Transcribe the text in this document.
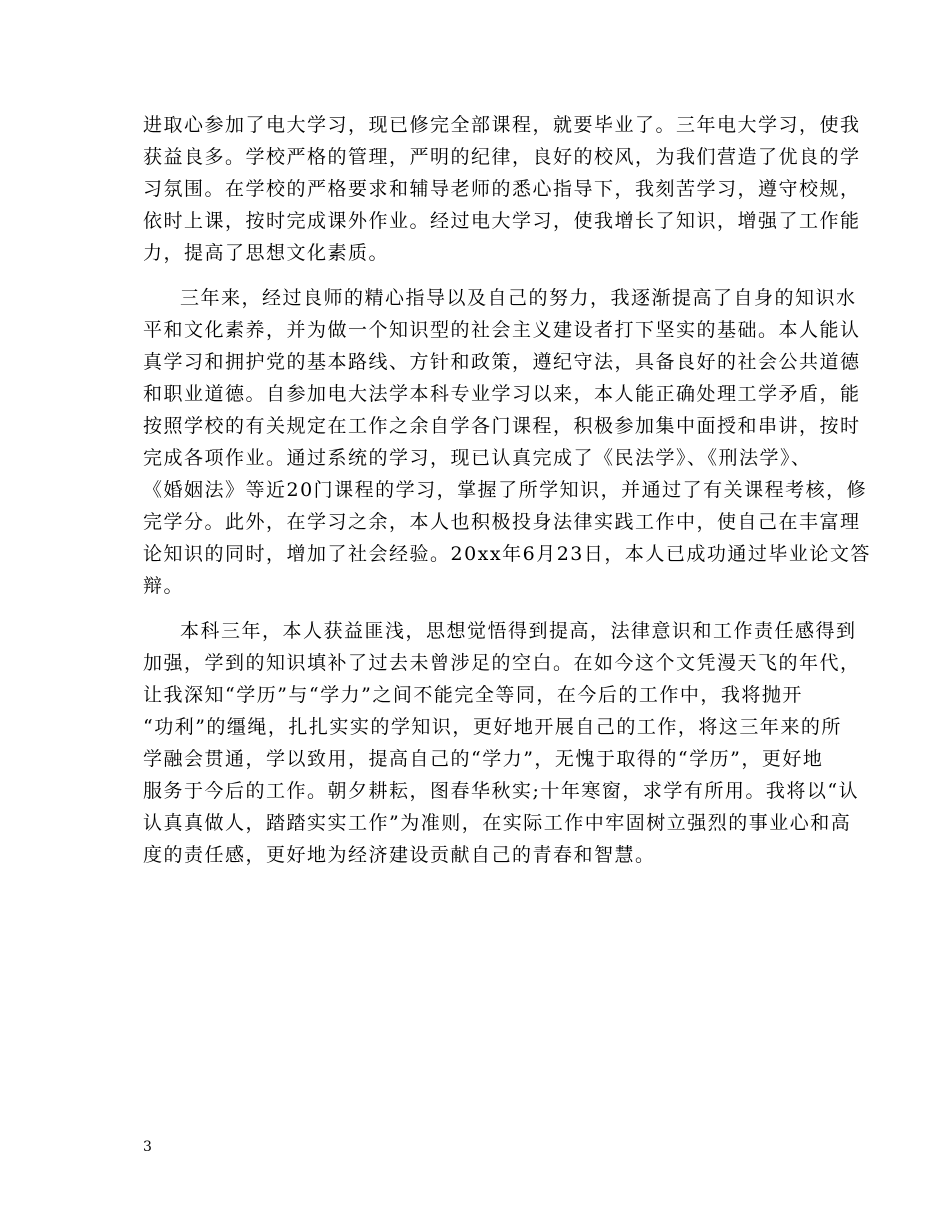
进取心参加了电大学习，现已修完全部课程，就要毕业了。三年电大学习，使我
获益良多。学校严格的管理，严明的纪律，良好的校风，为我们营造了优良的学
习氛围。在学校的严格要求和辅导老师的悉心指导下，我刻苦学习，遵守校规，
依时上课，按时完成课外作业。经过电大学习，使我增长了知识，增强了工作能
力，提高了思想文化素质。
三年来，经过良师的精心指导以及自己的努力，我逐渐提高了自身的知识水
平和文化素养，并为做一个知识型的社会主义建设者打下坚实的基础。本人能认
真学习和拥护党的基本路线、方针和政策，遵纪守法，具备良好的社会公共道德
和职业道德。自参加电大法学本科专业学习以来，本人能正确处理工学矛盾，能
按照学校的有关规定在工作之余自学各门课程，积极参加集中面授和串讲，按时
完成各项作业。通过系统的学习，现已认真完成了《民法学》、《刑法学》、
《婚姻法》等近20门课程的学习，掌握了所学知识，并通过了有关课程考核，修
完学分。此外，在学习之余，本人也积极投身法律实践工作中，使自己在丰富理
论知识的同时，增加了社会经验。20xx年6月23日，本人已成功通过毕业论文答
辩。
本科三年，本人获益匪浅，思想觉悟得到提高，法律意识和工作责任感得到
加强，学到的知识填补了过去未曾涉足的空白。在如今这个文凭漫天飞的年代，
让我深知“学历”与“学力”之间不能完全等同，在今后的工作中，我将抛开
“功利”的缰绳，扎扎实实的学知识，更好地开展自己的工作，将这三年来的所
学融会贯通，学以致用，提高自己的“学力”，无愧于取得的“学历”，更好地
服务于今后的工作。朝夕耕耘，图春华秋实;十年寒窗，求学有所用。我将以“认
认真真做人，踏踏实实工作”为准则，在实际工作中牢固树立强烈的事业心和高
度的责任感，更好地为经济建设贡献自己的青春和智慧。
3
